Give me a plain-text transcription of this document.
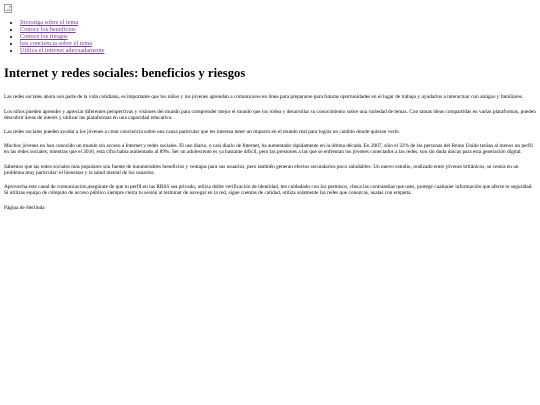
• Investiga sobre el tema
• Conoce los beneficios
• Conoce los riesgos
• has conciencia sobre el tema
• Utiliza el internet adecuadamente
Internet y redes sociales: beneficios y riesgos

Las redes sociales ahora son parte de la vida cotidiana, es importante que los niños y los jóvenes aprendan a comunicarse en línea para prepararse para futuras oportunidades en el lugar de trabajo y ayudarlos a interactuar con amigos y familiares.

Los niños pueden aprender y apreciar diferentes perspectivas y visiones del mundo para comprender mejor el mundo que los rodea y desarrollar su conocimiento sobre una variedad de temas. Con tantas ideas compartidas en varias plataformas, pueden descubrir áreas de interés y utilizar las plataformas en una capacidad educativa.

Las redes sociales pueden ayudar a los jóvenes a crear conciencia sobre una causa particular que les interesa tener un impacto en el mundo real para lograr un cambio donde quieran verlo.

Muchos jóvenes no han conocido un mundo sin acceso a Internet y redes sociales. El uso diario, o casi diario de Internet, ha aumentado rápidamente en la última década. En 2007, sólo el 22% de las personas del Reino Unido tenían al menos un perfil en las redes sociales; mientras que el 2016, esta cifra había aumentado al 89%. Ser un adolescente es ya bastante difícil, pero las presiones a las que se enfrentan los jóvenes conectados a las redes, son sin duda únicas para esta generación digital.

Sabemos que las redes sociales más populares son fuente de innumerables beneficios y ventajas para sus usuarios, pero también generan efectos secundarios poco saludables. Un nuevo estudio, realizado entre jóvenes británicos, se centra en un problema muy particular: el bienestar y la salud mental de los usuarios.

Aprovecha este canal de comunicación,asegúrate de que tu perfil en las RRSS sea privado, utiliza doble verificación de identidad, ten cuidadado con los permisos, checa las contraseñas que uses, protege cualquier información que afecte tu seguridad. Si utilizas equipo de cómputo de acceso público siempre cierra tu sesión al terminar de navegar en la red, sigue cuentas de calidad, utiliza solamente las redes que conozcas, usalas con empatía.

Página de Herlinda
